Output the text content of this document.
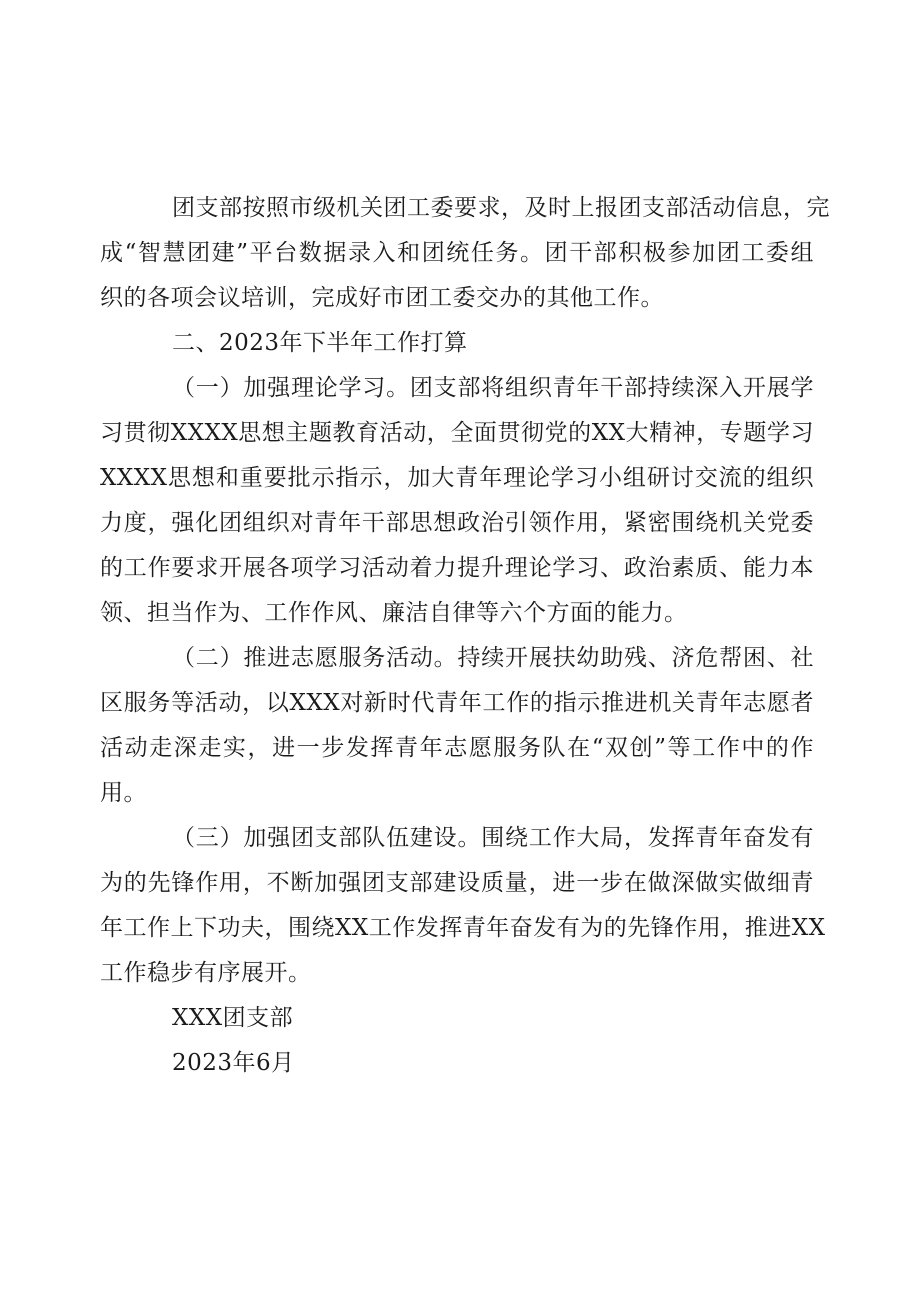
团支部按照市级机关团工委要求，及时上报团支部活动信息，完

成“智慧团建”平台数据录入和团统任务。团干部积极参加团工委组

织的各项会议培训，完成好市团工委交办的其他工作。

二、2023年下半年工作打算

（一）加强理论学习。团支部将组织青年干部持续深入开展学

习贯彻XXXX思想主题教育活动，全面贯彻党的XX大精神，专题学习

XXXX思想和重要批示指示，加大青年理论学习小组研讨交流的组织

力度，强化团组织对青年干部思想政治引领作用，紧密围绕机关党委

的工作要求开展各项学习活动着力提升理论学习、政治素质、能力本

领、担当作为、工作作风、廉洁自律等六个方面的能力。

（二）推进志愿服务活动。持续开展扶幼助残、济危帮困、社

区服务等活动，以XXX对新时代青年工作的指示推进机关青年志愿者

活动走深走实，进一步发挥青年志愿服务队在“双创”等工作中的作

用。

（三）加强团支部队伍建设。围绕工作大局，发挥青年奋发有

为的先锋作用，不断加强团支部建设质量，进一步在做深做实做细青

年工作上下功夫，围绕XX工作发挥青年奋发有为的先锋作用，推进XX

工作稳步有序展开。

XXX团支部

2023年6月
